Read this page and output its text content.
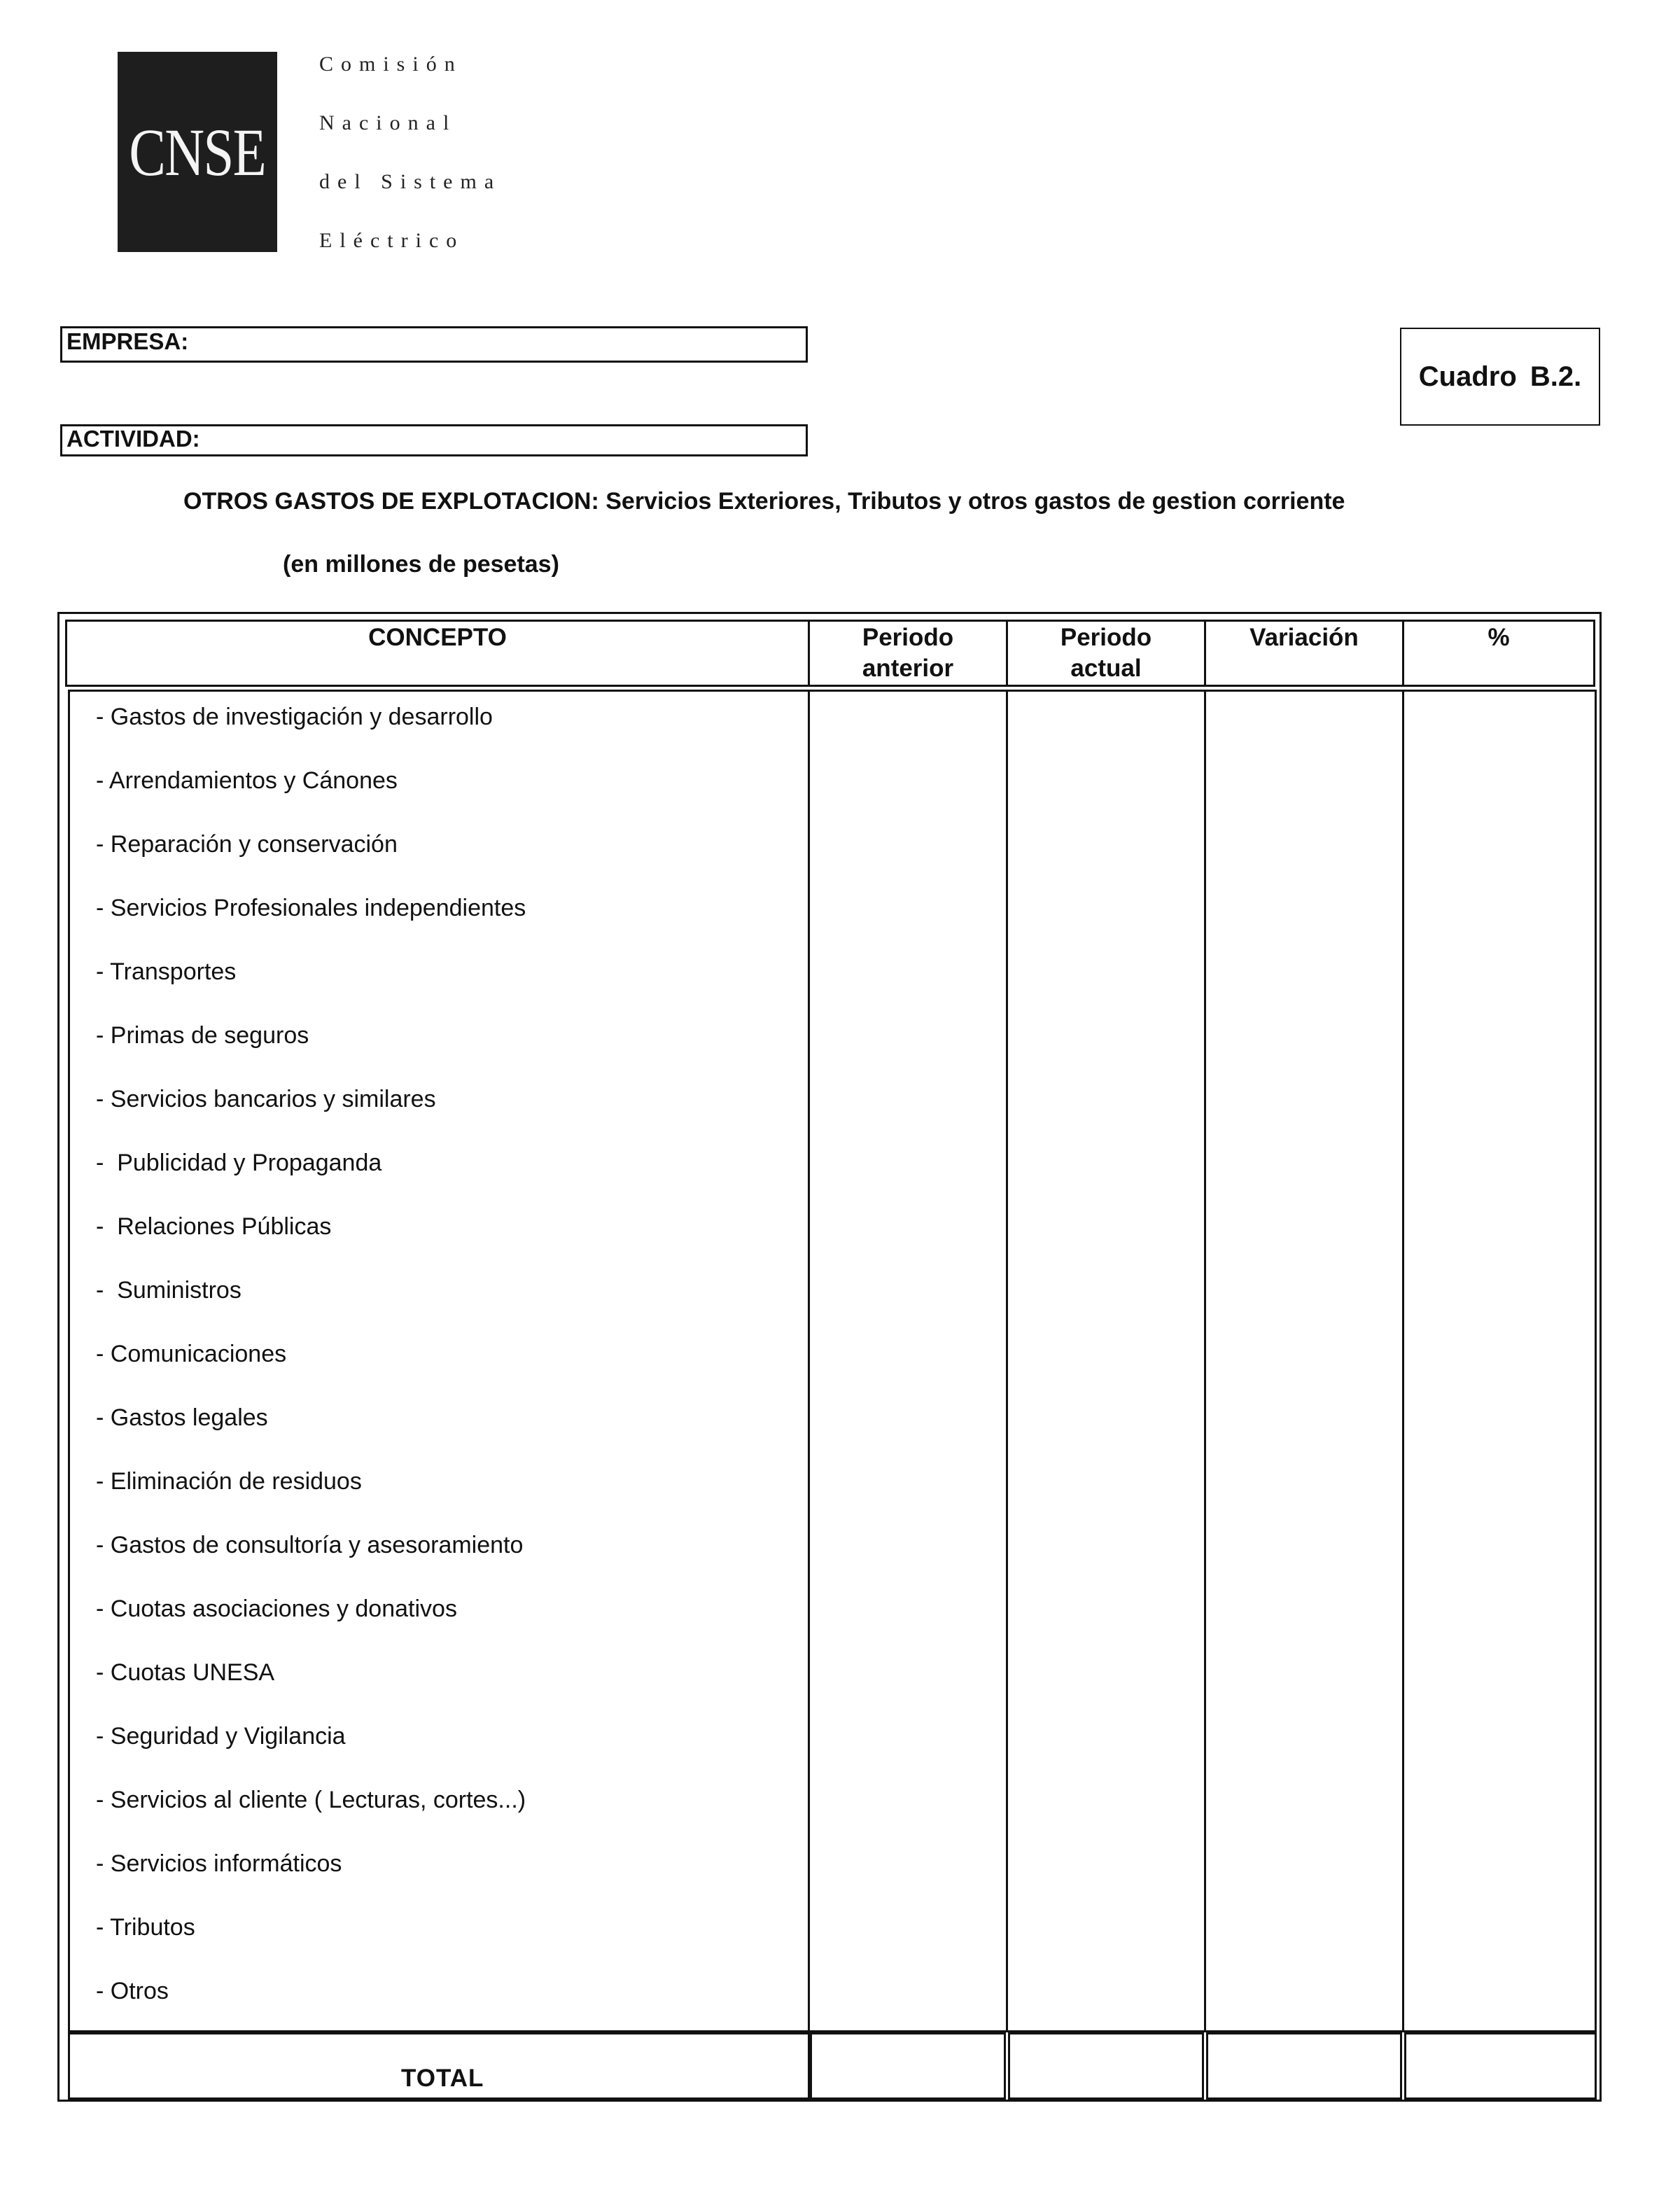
CNSE
Comisión
Nacional
del Sistema
Eléctrico
EMPRESA:
ACTIVIDAD:
Cuadro B.2.
OTROS GASTOS DE EXPLOTACION: Servicios Exteriores, Tributos y otros gastos de gestion corriente
(en millones de pesetas)
CONCEPTO	Periodo
anterior
Periodo
actual
Variación	%
- Gastos de investigación y desarrollo
- Arrendamientos y Cánones
- Reparación y conservación
- Servicios Profesionales independientes
- Transportes
- Primas de seguros
- Servicios bancarios y similares
-  Publicidad y Propaganda
-  Relaciones Públicas
-  Suministros
- Comunicaciones
- Gastos legales
- Eliminación de residuos
- Gastos de consultoría y asesoramiento
- Cuotas asociaciones y donativos
- Cuotas UNESA
- Seguridad y Vigilancia
- Servicios al cliente ( Lecturas, cortes...)
- Servicios informáticos
- Tributos
- Otros
TOTAL
